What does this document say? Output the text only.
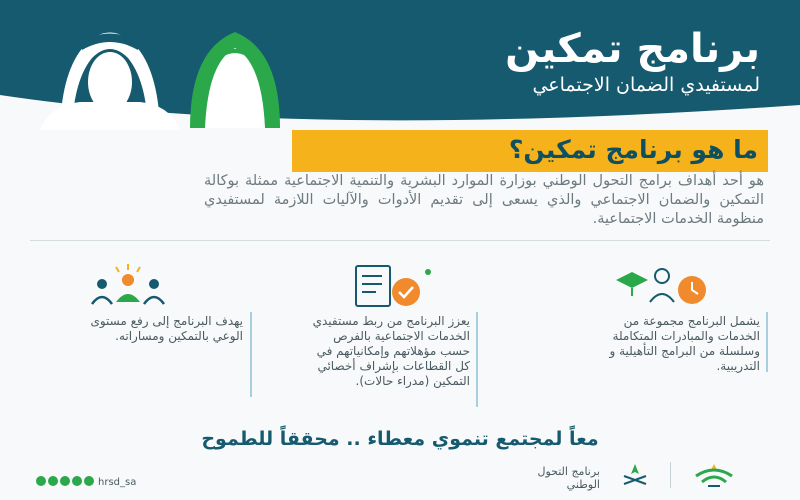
برنامج تمكين
لمستفيدي الضمان الاجتماعي
ما هو برنامج تمكين؟
هو أحد أهداف برامج التحول الوطني بوزارة الموارد البشرية والتنمية الاجتماعية ممثلة بوكالة التمكين والضمان الاجتماعي والذي يسعى إلى تقديم الأدوات والآليات اللازمة لمستفيدي منظومة الخدمات الاجتماعية.
يهدف البرنامج إلى رفع مستوى الوعي بالتمكين ومساراته.
يعزز البرنامج من ربط مستفيدي الخدمات الاجتماعية بالفرص حسب مؤهلاتهم وإمكانياتهم في كل القطاعات بإشراف أخصائي التمكين (مدراء حالات).
يشمل البرنامج مجموعة من الخدمات والمبادرات المتكاملة وسلسلة من البرامج التأهيلية و التدريبية.
معاً لمجتمع تنموي معطاء .. محققاً للطموح
hrsd_sa
برنامج التحول الوطني
